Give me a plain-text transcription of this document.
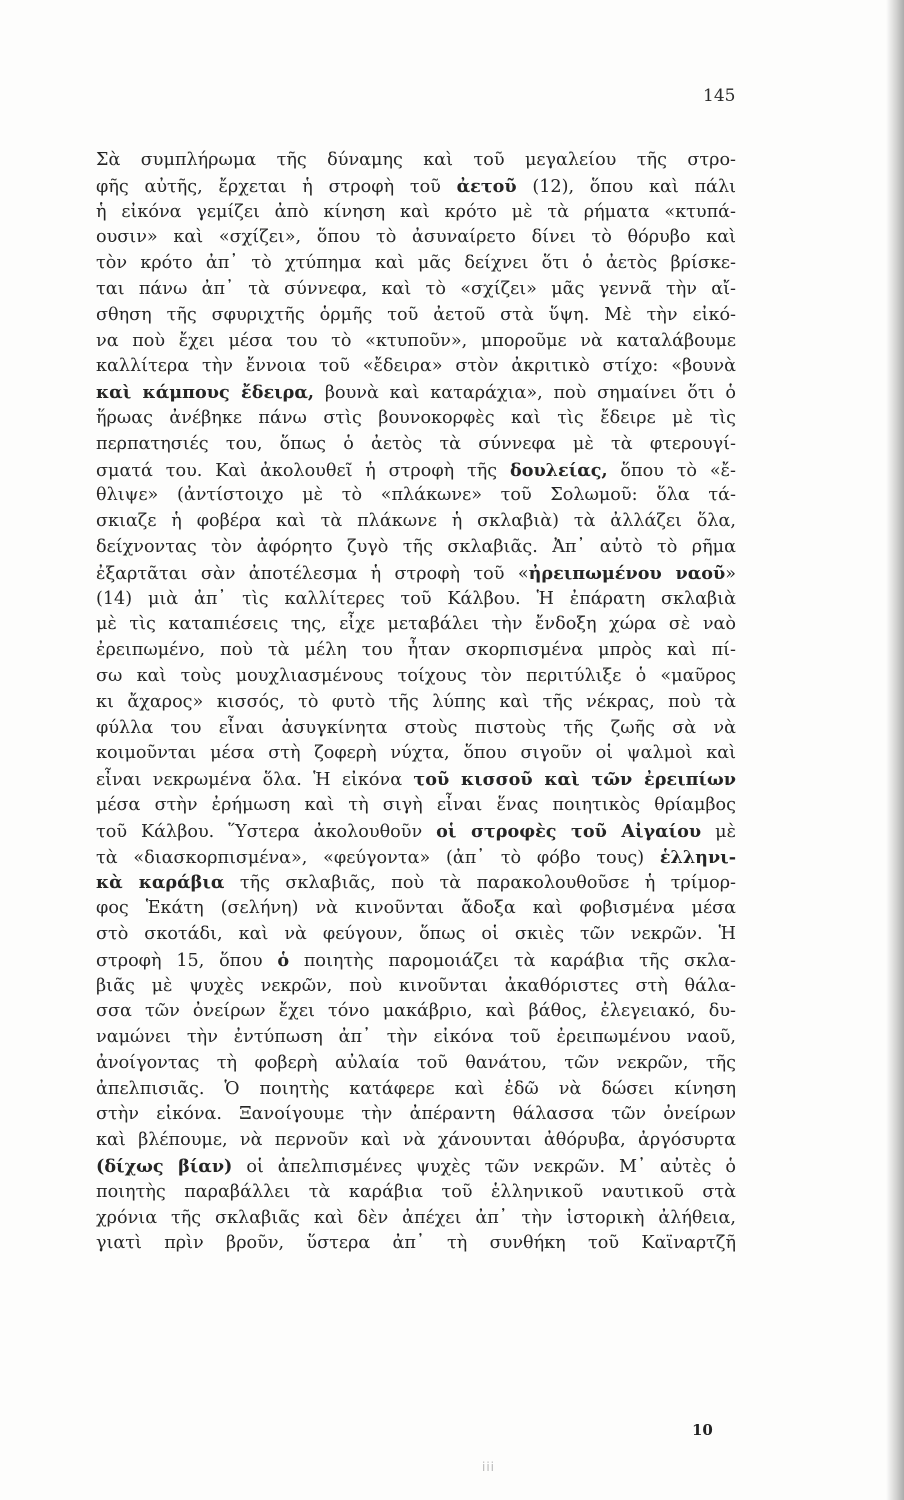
145
Σὰ συμπλήρωμα τῆς δύναμης καὶ τοῦ μεγαλείου τῆς στρο-
φῆς αὐτῆς, ἔρχεται ἡ στροφὴ τοῦ ἀετοῦ (12), ὅπου καὶ πάλι
ἡ εἰκόνα γεμίζει ἀπὸ κίνηση καὶ κρότο μὲ τὰ ρήματα «κτυπά-
ουσιν» καὶ «σχίζει», ὅπου τὸ ἀσυναίρετο δίνει τὸ θόρυβο καὶ
τὸν κρότο ἀπ᾽ τὸ χτύπημα καὶ μᾶς δείχνει ὅτι ὁ ἀετὸς βρίσκε-
ται πάνω ἀπ᾽ τὰ σύννεφα, καὶ τὸ «σχίζει» μᾶς γεννᾶ τὴν αἴ-
σθηση τῆς σφυριχτῆς ὁρμῆς τοῦ ἀετοῦ στὰ ὕψη. Μὲ τὴν εἰκό-
να ποὺ ἔχει μέσα του τὸ «κτυποῦν», μποροῦμε νὰ καταλάβουμε
καλλίτερα τὴν ἔννοια τοῦ «ἔδειρα» στὸν ἀκριτικὸ στίχο: «βουνὰ
καὶ κάμπους ἔδειρα, βουνὰ καὶ καταράχια», ποὺ σημαίνει ὅτι ὁ
ἥρωας ἀνέβηκε πάνω στὶς βουνοκορφὲς καὶ τὶς ἔδειρε μὲ τὶς
περπατησιές του, ὅπως ὁ ἀετὸς τὰ σύννεφα μὲ τὰ φτερουγί-
σματά του. Καὶ ἀκολουθεῖ ἡ στροφὴ τῆς δουλείας, ὅπου τὸ «ἔ-
θλιψε» (ἀντίστοιχο μὲ τὸ «πλάκωνε» τοῦ Σολωμοῦ: ὅλα τά-
σκιαζε ἡ φοβέρα καὶ τὰ πλάκωνε ἡ σκλαβιὰ) τὰ ἀλλάζει ὅλα,
δείχνοντας τὸν ἀφόρητο ζυγὸ τῆς σκλαβιᾶς. Ἀπ᾽ αὐτὸ τὸ ρῆμα
ἐξαρτᾶται σὰν ἀποτέλεσμα ἡ στροφὴ τοῦ «ἠρειπωμένου ναοῦ»
(14) μιὰ ἀπ᾽ τὶς καλλίτερες τοῦ Κάλβου. Ἡ ἐπάρατη σκλαβιὰ
μὲ τὶς καταπιέσεις της, εἶχε μεταβάλει τὴν ἔνδοξη χώρα σὲ ναὸ
ἐρειπωμένο, ποὺ τὰ μέλη του ἦταν σκορπισμένα μπρὸς καὶ πί-
σω καὶ τοὺς μουχλιασμένους τοίχους τὸν περιτύλιξε ὁ «μαῦρος
κι ἄχαρος» κισσός, τὸ φυτὸ τῆς λύπης καὶ τῆς νέκρας, ποὺ τὰ
φύλλα του εἶναι ἀσυγκίνητα στοὺς πιστοὺς τῆς ζωῆς σὰ νὰ
κοιμοῦνται μέσα στὴ ζοφερὴ νύχτα, ὅπου σιγοῦν οἱ ψαλμοὶ καὶ
εἶναι νεκρωμένα ὅλα. Ἡ εἰκόνα τοῦ κισσοῦ καὶ τῶν ἐρειπίων
μέσα στὴν ἐρήμωση καὶ τὴ σιγὴ εἶναι ἕνας ποιητικὸς θρίαμβος
τοῦ Κάλβου. Ὕστερα ἀκολουθοῦν οἱ στροφὲς τοῦ Αἰγαίου μὲ
τὰ «διασκορπισμένα», «φεύγοντα» (ἀπ᾽ τὸ φόβο τους) ἑλληνι-
κὰ καράβια τῆς σκλαβιᾶς, ποὺ τὰ παρακολουθοῦσε ἡ τρίμορ-
φος Ἑκάτη (σελήνη) νὰ κινοῦνται ἄδοξα καὶ φοβισμένα μέσα
στὸ σκοτάδι, καὶ νὰ φεύγουν, ὅπως οἱ σκιὲς τῶν νεκρῶν. Ἡ
στροφὴ 15, ὅπου ὁ ποιητὴς παρομοιάζει τὰ καράβια τῆς σκλα-
βιᾶς μὲ ψυχὲς νεκρῶν, ποὺ κινοῦνται ἀκαθόριστες στὴ θάλα-
σσα τῶν ὀνείρων ἔχει τόνο μακάβριο, καὶ βάθος, ἐλεγειακό, δυ-
ναμώνει τὴν ἐντύπωση ἀπ᾽ τὴν εἰκόνα τοῦ ἐρειπωμένου ναοῦ,
ἀνοίγοντας τὴ φοβερὴ αὐλαία τοῦ θανάτου, τῶν νεκρῶν, τῆς
ἀπελπισιᾶς. Ὁ ποιητὴς κατάφερε καὶ ἐδῶ νὰ δώσει κίνηση
στὴν εἰκόνα. Ξανοίγουμε τὴν ἀπέραντη θάλασσα τῶν ὀνείρων
καὶ βλέπουμε, νὰ περνοῦν καὶ νὰ χάνουνται ἀθόρυβα, ἀργόσυρτα
(δίχως βίαν) οἱ ἀπελπισμένες ψυχὲς τῶν νεκρῶν. Μ᾽ αὐτὲς ὁ
ποιητὴς παραβάλλει τὰ καράβια τοῦ ἑλληνικοῦ ναυτικοῦ στὰ
χρόνια τῆς σκλαβιᾶς καὶ δὲν ἀπέχει ἀπ᾽ τὴν ἱστορικὴ ἀλήθεια,
γιατὶ πρὶν βροῦν, ὕστερα ἀπ᾽ τὴ συνθήκη τοῦ Καϊναρτζῆ
10
iii
